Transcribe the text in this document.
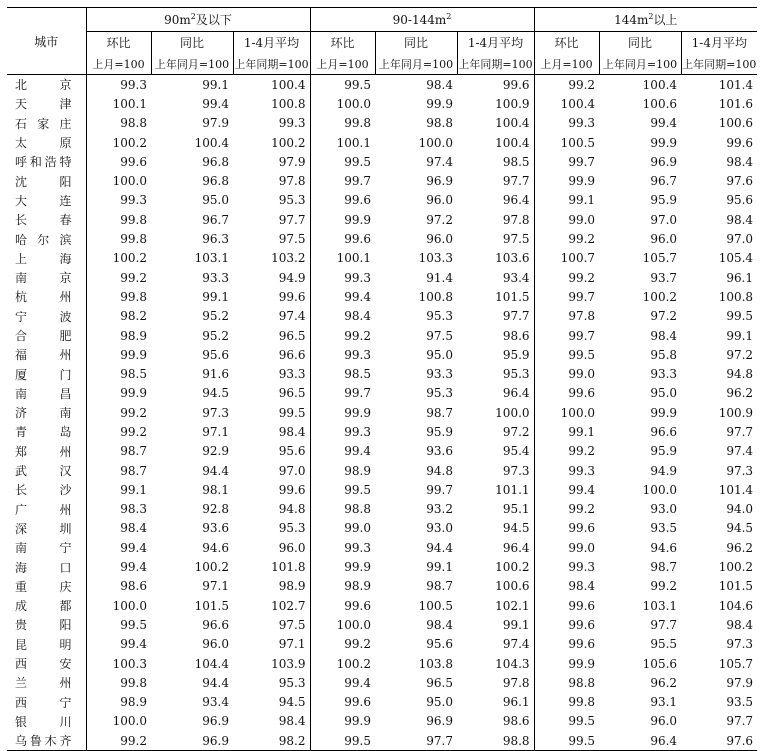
城市	$90m^2$及以下			$90-144m^2$			$144m^2$以上		
	环比	同比	1-4月平均	环比	同比	1-4月平均	环比	同比	1-4月平均
	上月=100	上年同月=100	上年同期=100	上月=100	上年同月=100	上年同期=100	上月=100	上年同月=100	上年同期=100
北京	99.3	99.1	100.4	99.5	98.4	99.6	99.2	100.4	101.4
天津	100.1	99.4	100.8	100.0	99.9	100.9	100.4	100.6	101.6
石家庄	98.8	97.9	99.3	99.8	98.8	100.4	99.3	99.4	100.6
太原	100.2	100.4	100.2	100.1	100.0	100.4	100.5	99.9	99.6
呼和浩特	99.6	96.8	97.9	99.5	97.4	98.5	99.7	96.9	98.4
沈阳	100.0	96.8	97.8	99.7	96.9	97.7	99.9	96.7	97.6
大连	99.3	95.0	95.3	99.6	96.0	96.4	99.1	95.9	95.6
长春	99.8	96.7	97.7	99.9	97.2	97.8	99.0	97.0	98.4
哈尔滨	99.8	96.3	97.5	99.6	96.0	97.5	99.2	96.0	97.0
上海	100.2	103.1	103.2	100.1	103.3	103.6	100.7	105.7	105.4
南京	99.2	93.3	94.9	99.3	91.4	93.4	99.2	93.7	96.1
杭州	99.8	99.1	99.6	99.4	100.8	101.5	99.7	100.2	100.8
宁波	98.2	95.2	97.4	98.4	95.3	97.7	97.8	97.2	99.5
合肥	98.9	95.2	96.5	99.2	97.5	98.6	99.7	98.4	99.1
福州	99.9	95.6	96.6	99.3	95.0	95.9	99.5	95.8	97.2
厦门	98.5	91.6	93.3	98.5	93.3	95.3	99.0	93.3	94.8
南昌	99.9	94.5	96.5	99.7	95.3	96.4	99.6	95.0	96.2
济南	99.2	97.3	99.5	99.9	98.7	100.0	100.0	99.9	100.9
青岛	99.2	97.1	98.4	99.3	95.9	97.2	99.1	96.6	97.7
郑州	98.7	92.9	95.6	99.4	93.6	95.4	99.2	95.9	97.4
武汉	98.7	94.4	97.0	98.9	94.8	97.3	99.3	94.9	97.3
长沙	99.1	98.1	99.6	99.5	99.7	101.1	99.4	100.0	101.4
广州	98.3	92.8	94.8	98.8	93.2	95.1	99.2	93.0	94.0
深圳	98.4	93.6	95.3	99.0	93.0	94.5	99.6	93.5	94.5
南宁	99.4	94.6	96.0	99.3	94.4	96.4	99.0	94.6	96.2
海口	99.4	100.2	101.8	99.9	99.1	100.2	99.3	98.7	100.2
重庆	98.6	97.1	98.9	98.9	98.7	100.6	98.4	99.2	101.5
成都	100.0	101.5	102.7	99.6	100.5	102.1	99.6	103.1	104.6
贵阳	99.5	96.6	97.5	100.0	98.4	99.1	99.6	97.7	98.4
昆明	99.4	96.0	97.1	99.2	95.6	97.4	99.6	95.5	97.3
西安	100.3	104.4	103.9	100.2	103.8	104.3	99.9	105.6	105.7
兰州	99.8	94.4	95.3	99.4	96.5	97.8	98.8	96.2	97.9
西宁	98.9	93.4	94.5	99.6	95.0	96.1	99.8	93.1	93.5
银川	100.0	96.9	98.4	99.9	96.9	98.6	99.5	96.0	97.7
乌鲁木齐	99.2	96.9	98.2	99.5	97.7	98.8	99.5	96.4	97.6
